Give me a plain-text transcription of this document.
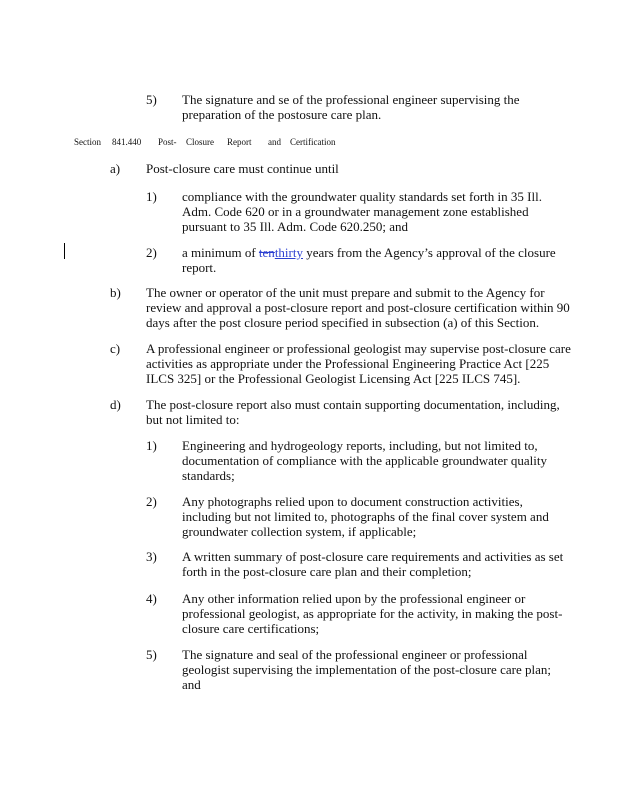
5) The signature and se of the professional engineer supervising the

preparation of the postosure care plan.

Section 841.440 Post- Closure Report and Certification
a) Post-closure care must continue until
1) compliance with the groundwater quality standards set forth in 35 Ill.

Adm. Code 620 or in a groundwater management zone established

pursuant to 35 Ill. Adm. Code 620.250; and

2) a minimum of tenthirty years from the Agency’s approval of the closure

report.

b) The owner or operator of the unit must prepare and submit to the Agency for

review and approval a post-closure report and post-closure certification within 90

days after the post closure period specified in subsection (a) of this Section.

c) A professional engineer or professional geologist may supervise post-closure care

activities as appropriate under the Professional Engineering Practice Act [225

ILCS 325] or the Professional Geologist Licensing Act [225 ILCS 745].

d) The post-closure report also must contain supporting documentation, including,

but not limited to:

1) Engineering and hydrogeology reports, including, but not limited to,

documentation of compliance with the applicable groundwater quality

standards;

2) Any photographs relied upon to document construction activities,

including but not limited to, photographs of the final cover system and

groundwater collection system, if applicable;

3) A written summary of post-closure care requirements and activities as set

forth in the post-closure care plan and their completion;

4) Any other information relied upon by the professional engineer or

professional geologist, as appropriate for the activity, in making the post-

closure care certifications;

5) The signature and seal of the professional engineer or professional

geologist supervising the implementation of the post-closure care plan;

and
